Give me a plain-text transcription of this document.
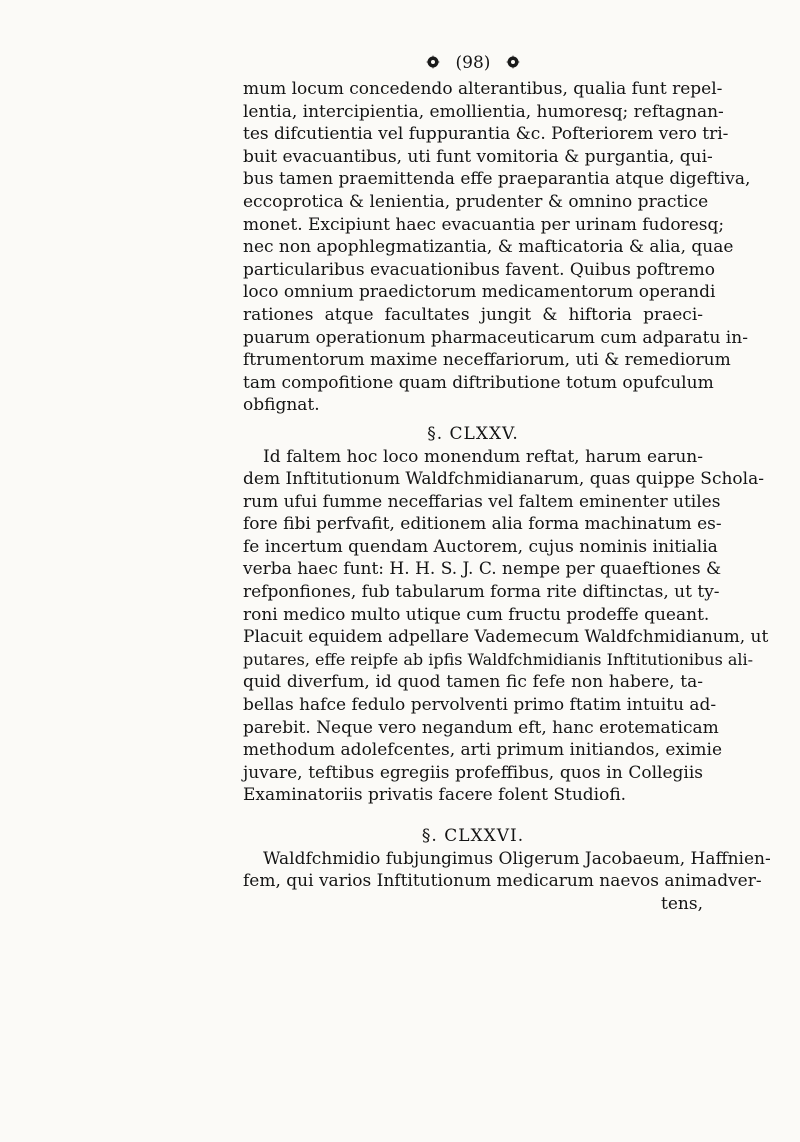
(98)
mum locum concedendo alterantibus, qualia funt repel-
lentia, intercipientia, emollientia, humoresq; reftagnan-
tes difcutientia vel fuppurantia &c. Pofteriorem vero tri-
buit evacuantibus, uti funt vomitoria & purgantia, qui-
bus tamen praemittenda effe praeparantia atque digeftiva,
eccoprotica & lenientia, prudenter & omnino practice
monet. Excipiunt haec evacuantia per urinam fudoresq;
nec non apophlegmatizantia, & mafticatoria & alia, quae
particularibus evacuationibus favent. Quibus poftremo
loco omnium praedictorum medicamentorum operandi
rationes atque facultates jungit & hiftoria praeci-
puarum operationum pharmaceuticarum cum adparatu in-
ftrumentorum maxime neceffariorum, uti & remediorum
tam compofitione quam diftributione totum opufculum
obfignat.
§. CLXXV.
Id faltem hoc loco monendum reftat, harum earun-
dem Inftitutionum Waldfchmidianarum, quas quippe Schola-
rum ufui fumme neceffarias vel faltem eminenter utiles
fore fibi perfvafit, editionem alia forma machinatum es-
fe incertum quendam Auctorem, cujus nominis initialia
verba haec funt: H. H. S. J. C. nempe per quaeftiones &
refponfiones, fub tabularum forma rite diftinctas, ut ty-
roni medico multo utique cum fructu prodeffe queant.
Placuit equidem adpellare Vademecum Waldfchmidianum, ut
putares, effe reipfe ab ipfis Waldfchmidianis Inftitutionibus ali-
quid diverfum, id quod tamen fic fefe non habere, ta-
bellas hafce fedulo pervolventi primo ftatim intuitu ad-
parebit. Neque vero negandum eft, hanc erotematicam
methodum adolefcentes, arti primum initiandos, eximie
juvare, teftibus egregiis profeffibus, quos in Collegiis
Examinatoriis privatis facere folent Studiofi.
§. CLXXVI.
Waldfchmidio fubjungimus Oligerum Jacobaeum, Haffnien-
fem, qui varios Inftitutionum medicarum naevos animadver-
tens,
